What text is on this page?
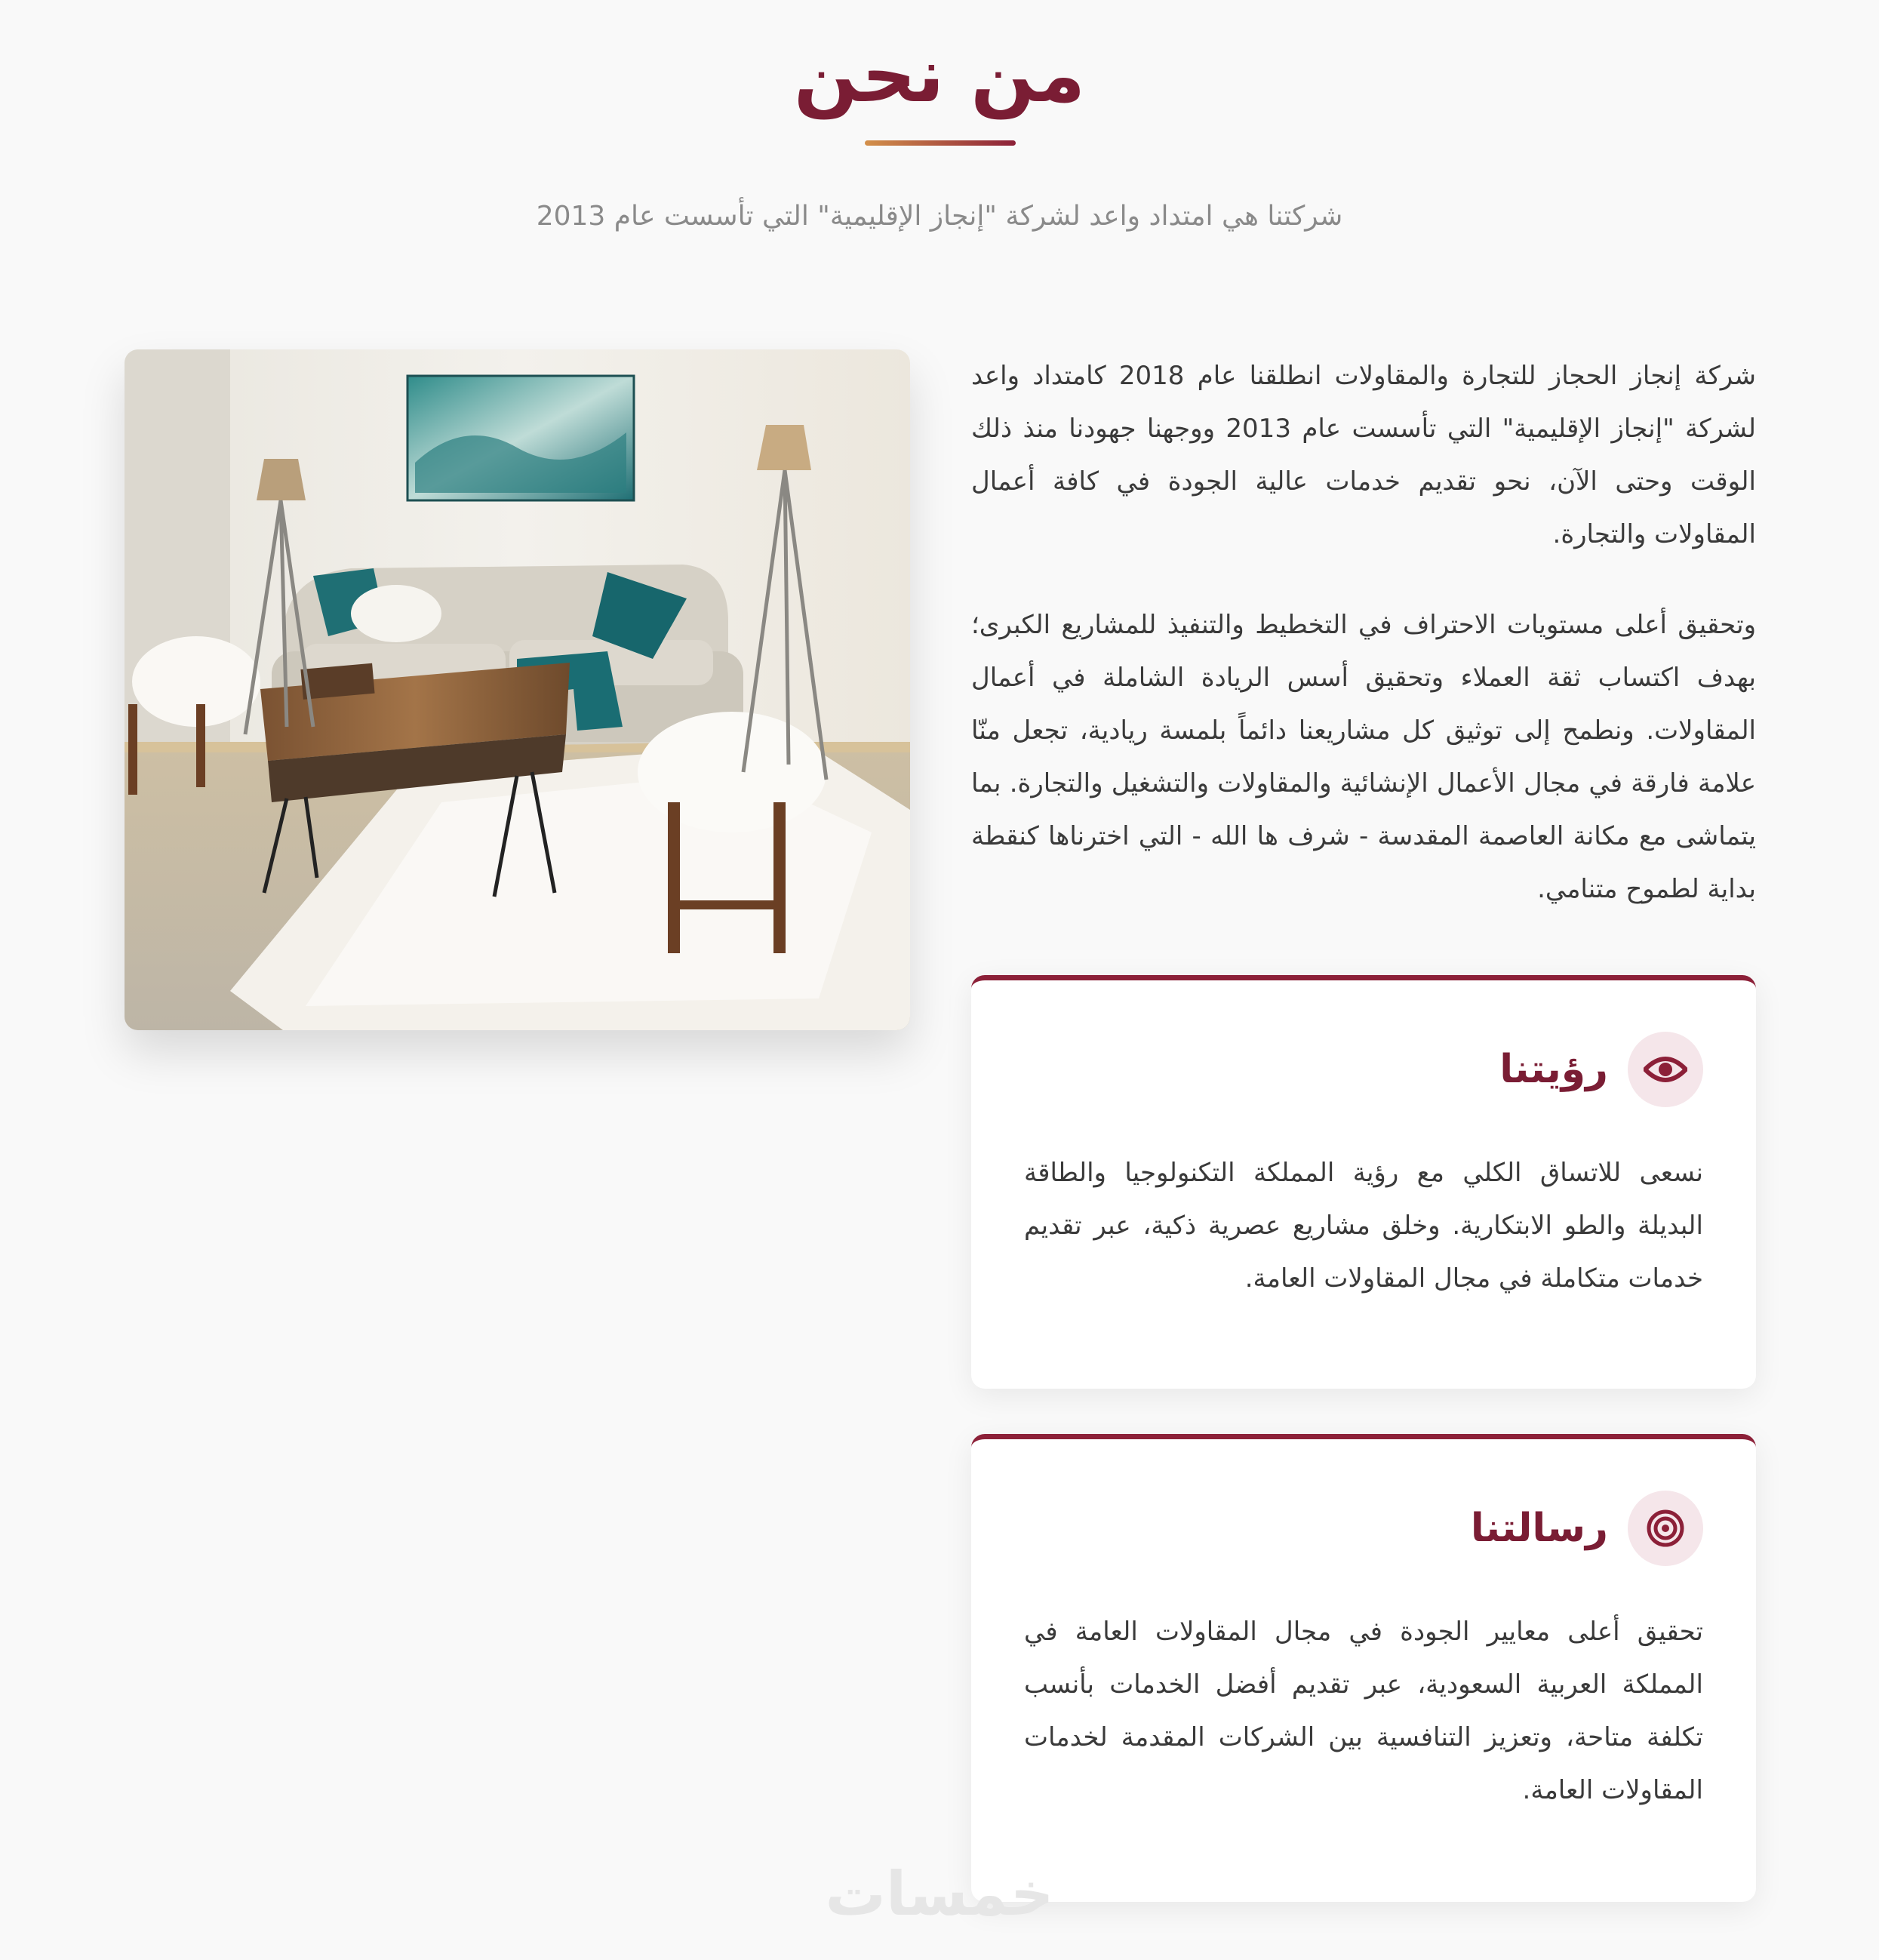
من نحن

شركتنا هي امتداد واعد لشركة "إنجاز الإقليمية" التي تأسست عام 2013

شركة إنجاز الحجاز للتجارة والمقاولات انطلقنا عام 2018 كامتداد واعد لشركة "إنجاز الإقليمية" التي تأسست عام 2013 ووجهنا جهودنا منذ ذلك الوقت وحتى الآن، نحو تقديم خدمات عالية الجودة في كافة أعمال المقاولات والتجارة.

وتحقيق أعلى مستويات الاحتراف في التخطيط والتنفيذ للمشاريع الكبرى؛ بهدف اكتساب ثقة العملاء وتحقيق أسس الريادة الشاملة في أعمال المقاولات. ونطمح إلى توثيق كل مشاريعنا دائماً بلمسة ريادية، تجعل منّا علامة فارقة في مجال الأعمال الإنشائية والمقاولات والتشغيل والتجارة. بما يتماشى مع مكانة العاصمة المقدسة - شرف ها الله - التي اخترناها كنقطة بداية لطموح متنامي.

رؤيتنا

نسعى للاتساق الكلي مع رؤية المملكة التكنولوجيا والطاقة البديلة والطو الابتكارية. وخلق مشاريع عصرية ذكية، عبر تقديم خدمات متكاملة في مجال المقاولات العامة.

رسالتنا

تحقيق أعلى معايير الجودة في مجال المقاولات العامة في المملكة العربية السعودية، عبر تقديم أفضل الخدمات بأنسب تكلفة متاحة، وتعزيز التنافسية بين الشركات المقدمة لخدمات المقاولات العامة.

خمسات
